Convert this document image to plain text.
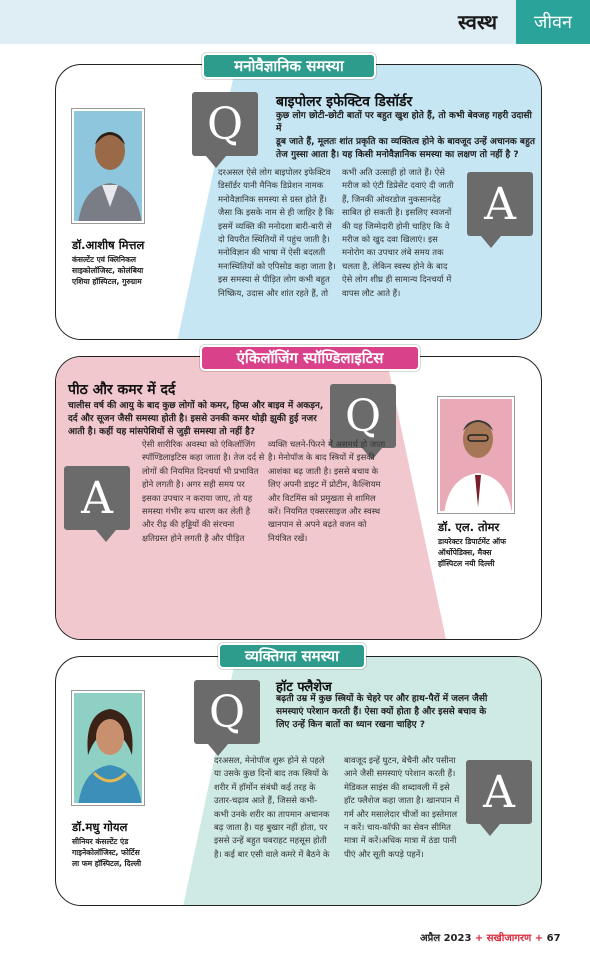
स्वस्थ	जीवन
मनोवैज्ञानिक समस्या
डॉ.आशीष मित्तल
कंसल्टेंट एवं क्लिनिकल
साइकोलॉजिस्ट, कोलंबिया
एशिया हॉस्पिटल, गुरुग्राम
Q	बाइपोलर इफेक्टिव डिसॉर्डर
कुछ लोग छोटी-छोटी बातों पर बहुत खुश होते हैं, तो कभी बेवजह गहरी उदासी में
डूब जाते हैं, मूलतः शांत प्रकृति का व्यक्तित्व होने के बावजूद उन्हें अचानक बहुत
तेज गुस्सा आता है। यह किसी मनोवैज्ञानिक समस्या का लक्षण तो नहीं है ?
दरअसल ऐसे लोग बाइपोलर इफेक्टिव
डिसॉर्डर यानी मैनिक डिप्रेशन नामक
मनोवैज्ञानिक समस्या से ग्रस्त होते हैं।
जैसा कि इसके नाम से ही जाहिर है कि
इसमें व्यक्ति की मनोदशा बारी-बारी से
दो विपरीत स्थितियों में पहुंच जाती है।
मनोविज्ञान की भाषा में ऐसी बदलती
मनःस्थितियों को एपिसोड कहा जाता है।
इस समस्या से पीड़ित लोग कभी बहुत
निष्क्रिय, उदास और शांत रहते हैं, तो
कभी अति उत्साही हो जाते हैं। ऐसे
मरीज को एंटी डिप्रेसेंट दवाएं दी जाती
हैं, जिनकी ओवरडोज नुकसानदेह
साबित हो सकती है। इसलिए स्वजनों
की यह जिम्मेदारी होनी चाहिए कि वे
मरीज को खुद दवा खिलाएं। इस
मनोरोग का उपचार लंबे समय तक
चलता है, लेकिन स्वस्थ होने के बाद
ऐसे लोग शीघ्र ही सामान्य दिनचर्या में
वापस लौट आते हैं।
A
एंकिलॉजिंग स्पॉण्डिलाइटिस
पीठ और कमर में दर्द
चालीस वर्ष की आयु के बाद कुछ लोगों को कमर, हिप्स और बाइव में अकड़न,
दर्द और सूजन जैसी समस्या होती है। इससे उनकी कमर थोड़ी झुकी हुई नजर
आती है। कहीं यह मांसपेशियों से जुड़ी समस्या तो नहीं है?	Q
A
ऐसी शारीरिक अवस्था को एंकिलॉजिंग
स्पॉण्डिलाइटिस कहा जाता है। तेज दर्द से
लोगों की नियमित दिनचर्या भी प्रभावित
होने लगती है। अगर सही समय पर
इसका उपचार न कराया जाए, तो यह
समस्या गंभीर रूप धारण कर लेती है
और रीढ़ की हड्डियों की संरचना
क्षतिग्रस्त होने लगती है और पीड़ित
व्यक्ति चलने-फिरने में असमर्थ हो जाता
है। मेनोपॉज के बाद स्त्रियों में इसकी
आशंका बढ़ जाती है। इससे बचाव के
लिए अपनी डाइट में प्रोटीन, कैल्शियम
और विटमिंस को प्रमुखता से शामिल
करें। नियमित एक्सरसाइज और स्वस्थ
खानपान से अपने बढ़ते वजन को
नियंत्रित रखें।
डॉ. एल. तोमर
डायरेक्टर डिपार्टमेंट ऑफ
ऑर्थोपेडिक्स, मैक्स
हॉस्पिटल नयी दिल्ली
व्यक्तिगत समस्या
डॉ.मधु गोयल
सीनियर कंसल्टेंट एंड
गाइनेकोलॉजिस्ट, फोर्टिस
ला फम हॉस्पिटल, दिल्ली
Q	हॉट फ्लैशेज
बढ़ती उम्र में कुछ स्त्रियों के चेहरे पर और हाथ-पैरों में जलन जैसी
समस्याएं परेशान करती हैं। ऐसा क्यों होता है और इससे बचाव के
लिए उन्हें किन बातों का ध्यान रखना चाहिए ?
दरअसल, मेनोपॉज शुरू होने से पहले
या उसके कुछ दिनों बाद तक स्त्रियों के
शरीर में हॉर्मोन संबंधी कई तरह के
उतार-चढ़ाव आते हैं, जिससे कभी-
कभी उनके शरीर का तापमान अचानक
बढ़ जाता है। यह बुखार नहीं होता, पर
इससे उन्हें बहुत घबराहट महसूस होती
है। कई बार एसी वाले कमरे में बैठने के
बावजूद इन्हें घुटन, बेचैनी और पसीना
आने जैसी समस्याएं परेशान करती हैं।
मेडिकल साइंस की शब्दावली में इसे
हॉट फ्लैशेज कहा जाता है। खानपान में
गर्म और मसालेदार चीजों का इस्तेमाल
न करें। चाय-कॉफी का सेवन सीमित
मात्रा में करें।अधिक मात्रा में ठंडा पानी
पीएं और सूती कपड़े पहनें।
A
अप्रैल 2023 + सखीजागरण + 67
